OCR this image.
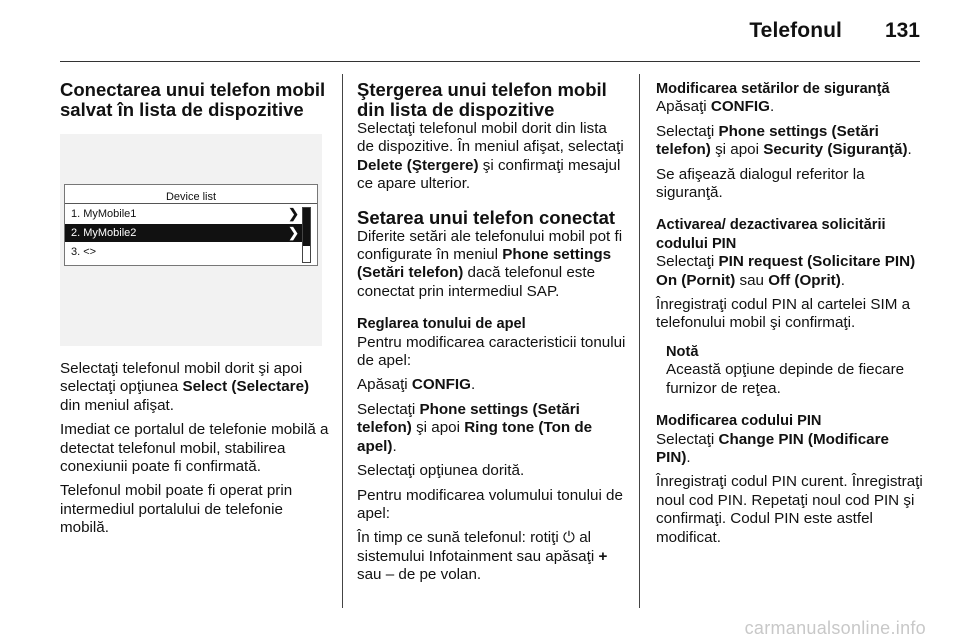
Telefonul 131
Conectarea unui telefon mobil salvat în lista de dispozitive
Device list
1. MyMobile1	❯
2. MyMobile2	❯
3. <>

Selectaţi telefonul mobil dorit şi apoi selectaţi opţiunea Select (Selectare) din meniul afişat.

Imediat ce portalul de telefonie mobilă a detectat telefonul mobil, stabilirea conexiunii poate fi confirmată.

Telefonul mobil poate fi operat prin intermediul portalului de telefonie mobilă.

Ştergerea unui telefon mobil din lista de dispozitive

Selectaţi telefonul mobil dorit din lista de dispozitive. În meniul afişat, selectaţi Delete (Ştergere) şi confirmaţi mesajul ce apare ulterior.

Setarea unui telefon conectat

Diferite setări ale telefonului mobil pot fi configurate în meniul Phone settings (Setări telefon) dacă telefonul este conectat prin intermediul SAP.

Reglarea tonului de apel

Pentru modificarea caracteristicii tonului de apel:

Apăsaţi CONFIG.

Selectaţi Phone settings (Setări telefon) şi apoi Ring tone (Ton de apel).

Selectaţi opţiunea dorită.

Pentru modificarea volumului tonului de apel:

În timp ce sună telefonul: rotiţi ⏻ al sistemului Infotainment sau apăsaţi + sau – de pe volan.

Modificarea setărilor de siguranţă

Apăsaţi CONFIG.

Selectaţi Phone settings (Setări telefon) şi apoi Security (Siguranţă).

Se afişează dialogul referitor la siguranţă.

Activarea/ dezactivarea solicitării codului PIN

Selectaţi PIN request (Solicitare PIN) On (Pornit) sau Off (Oprit).

Înregistraţi codul PIN al cartelei SIM a telefonului mobil şi confirmaţi.

Notă

Această opţiune depinde de fiecare furnizor de reţea.

Modificarea codului PIN

Selectaţi Change PIN (Modificare PIN).

Înregistraţi codul PIN curent. Înregistraţi noul cod PIN. Repetaţi noul cod PIN şi confirmaţi. Codul PIN este astfel modificat.

carmanualsonline.info
